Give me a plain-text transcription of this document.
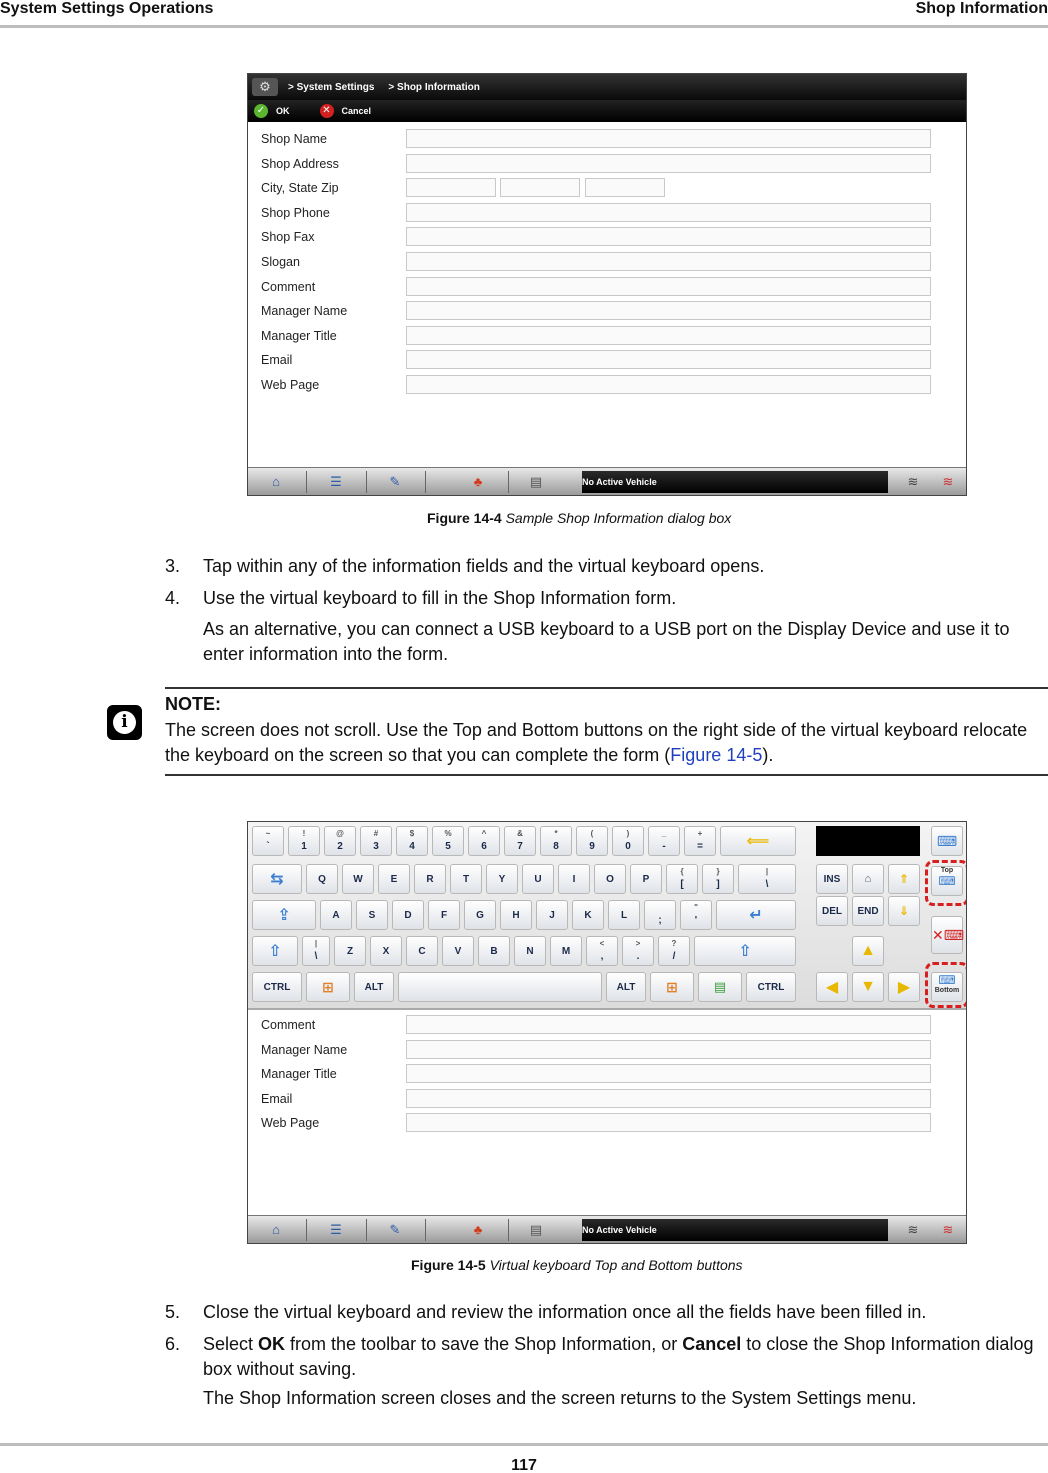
System Settings Operations	Shop Information
⚙	> System Settings > Shop Information
✓	OK	✕	Cancel
Shop Name
Shop Address
City, State Zip
Shop Phone
Shop Fax
Slogan
Comment
Manager Name
Manager Title
Email
Web Page
⌂	☰	✎	♣	▤	No Active Vehicle	≋	≋
Figure 14-4 Sample Shop Information dialog box
3. Tap within any of the information fields and the virtual keyboard opens.
4. Use the virtual keyboard to fill in the Shop Information form.
As an alternative, you can connect a USB keyboard to a USB port on the Display Device and use it to enter information into the form.
i
NOTE:
The screen does not scroll. Use the Top and Bottom buttons on the right side of the virtual keyboard relocate the keyboard on the screen so that you can complete the form (Figure 14-5).
Comment
Manager Name
Manager Title
Email
Web Page
~
`
!
1
@
2
#
3
$
4
%
5
^
6
&
7
*
8
(
9
)
0
_
-
+
=	⟸
⇆	Q	W	E	R	T	Y	U	I	O	P
{
[
}
]
|
\
⇪	A	S	D	F	G	H	J	K	L	;
"
'	↵
⇧	|
\	Z	X	C	V	B	N	M
<
,
>
.
?
/	⇧
CTRL	⊞	ALT	ALT	⊞	▤	CTRL
INS	⌂ ⇑
DEL	END	⇓
▲
◀ ▼ ▶
⌨
Top
⌨
✕⌨
⌨
Bottom
⌂	☰	✎	♣	▤	No Active Vehicle	≋	≋
Figure 14-5 Virtual keyboard Top and Bottom buttons
5. Close the virtual keyboard and review the information once all the fields have been filled in.
6. Select OK from the toolbar to save the Shop Information, or Cancel to close the Shop Information dialog box without saving.
The Shop Information screen closes and the screen returns to the System Settings menu.
117
